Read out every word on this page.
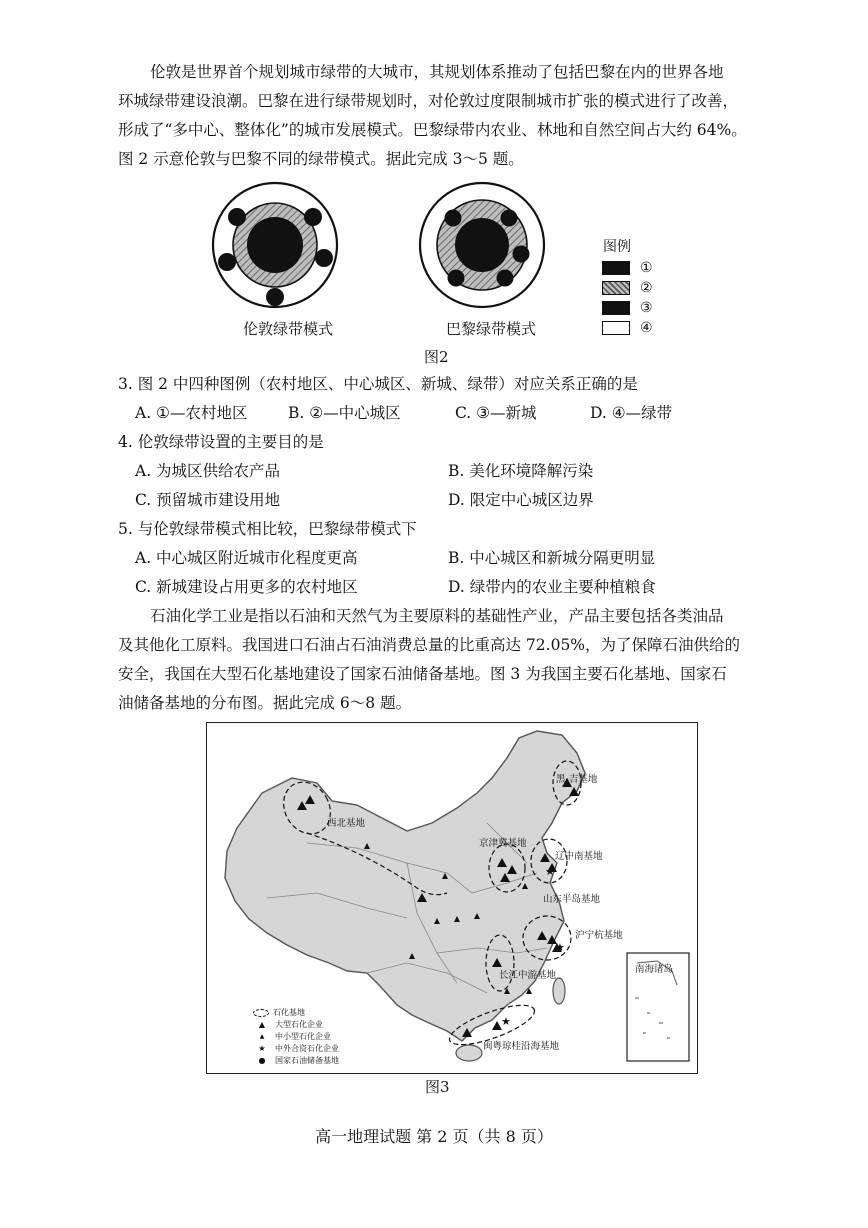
伦敦是世界首个规划城市绿带的大城市，其规划体系推动了包括巴黎在内的世界各地
环城绿带建设浪潮。巴黎在进行绿带规划时，对伦敦过度限制城市扩张的模式进行了改善，
形成了“多中心、整体化”的城市发展模式。巴黎绿带内农业、林地和自然空间占大约 64%。
图 2 示意伦敦与巴黎不同的绿带模式。据此完成 3～5 题。
伦敦绿带模式	巴黎绿带模式
图2
图例
①
②
③
④
3. 图 2 中四种图例（农村地区、中心城区、新城、绿带）对应关系正确的是
A. ①—农村地区	B. ②—中心城区	C. ③—新城	D. ④—绿带
4. 伦敦绿带设置的主要目的是
A. 为城区供给农产品	B. 美化环境降解污染
C. 预留城市建设用地	D. 限定中心城区边界
5. 与伦敦绿带模式相比较，巴黎绿带模式下
A. 中心城区附近城市化程度更高	B. 中心城区和新城分隔更明显
C. 新城建设占用更多的农村地区	D. 绿带内的农业主要种植粮食
石油化学工业是指以石油和天然气为主要原料的基础性产业，产品主要包括各类油品
及其他化工原料。我国进口石油占石油消费总量的比重高达 72.05%，为了保障石油供给的
安全，我国在大型石化基地建设了国家石油储备基地。图 3 为我国主要石化基地、国家石
油储备基地的分布图。据此完成 6～8 题。
★
★
★
黑-吉基地
西北基地
京津冀基地
辽中南基地
山东半岛基地
沪宁杭基地
长江中游基地
闽粤琼桂沿海基地
南海诸岛
石化基地
▲	大型石化企业
▲	中小型石化企业
★	中外合资石化企业
●	国家石油储备基地
图3
高一地理试题 第 2 页（共 8 页）
